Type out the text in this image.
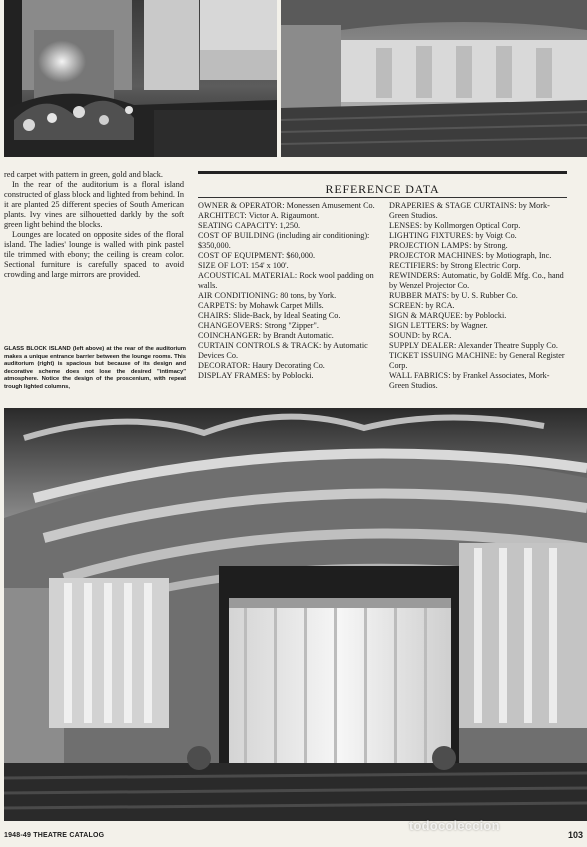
red carpet with pattern in green, gold and black.

In the rear of the auditorium is a floral island constructed of glass block and lighted from behind. In it are planted 25 different species of South American plants. Ivy vines are silhouetted darkly by the soft green light behind the blocks.

Lounges are located on opposite sides of the floral island. The ladies' lounge is walled with pink pastel tile trimmed with ebony; the ceiling is cream color. Sectional furniture is carefully spaced to avoid crowding and large mirrors are provided.

GLASS BLOCK ISLAND (left above) at the rear of the auditorium makes a unique entrance barrier between the lounge rooms. This auditorium (right) is spacious but because of its design and decorative scheme does not lose the desired "intimacy" atmosphere. Notice the design of the proscenium, with repeat trough lighted columns,
REFERENCE DATA
OWNER & OPERATOR: Monessen Amusement Co.
ARCHITECT: Victor A. Rigaumont.
SEATING CAPACITY: 1,250.
COST OF BUILDING (including air conditioning): $350,000.
COST OF EQUIPMENT: $60,000.
SIZE OF LOT: 154' x 100'.
ACOUSTICAL MATERIAL: Rock wool padding on walls.
AIR CONDITIONING: 80 tons, by York.
CARPETS: by Mohawk Carpet Mills.
CHAIRS: Slide-Back, by Ideal Seating Co.
CHANGEOVERS: Strong "Zipper".
COINCHANGER: by Brandt Automatic.
CURTAIN CONTROLS & TRACK: by Automatic Devices Co.
DECORATOR: Haury Decorating Co.
DISPLAY FRAMES: by Poblocki.
DRAPERIES & STAGE CURTAINS: by Mork-Green Studios.
LENSES: by Kollmorgen Optical Corp.
LIGHTING FIXTURES: by Voigt Co.
PROJECTION LAMPS: by Strong.
PROJECTOR MACHINES: by Motiograph, Inc.
RECTIFIERS: by Strong Electric Corp.
REWINDERS: Automatic, by GoldE Mfg. Co., hand by Wenzel Projector Co.
RUBBER MATS: by U. S. Rubber Co.
SCREEN: by RCA.
SIGN & MARQUEE: by Poblocki.
SIGN LETTERS: by Wagner.
SOUND: by RCA.
SUPPLY DEALER: Alexander Theatre Supply Co.
TICKET ISSUING MACHINE: by General Register Corp.
WALL FABRICS: by Frankel Associates, Mork-Green Studios.
1948-49 THEATRE CATALOG	103
todocoleccion
